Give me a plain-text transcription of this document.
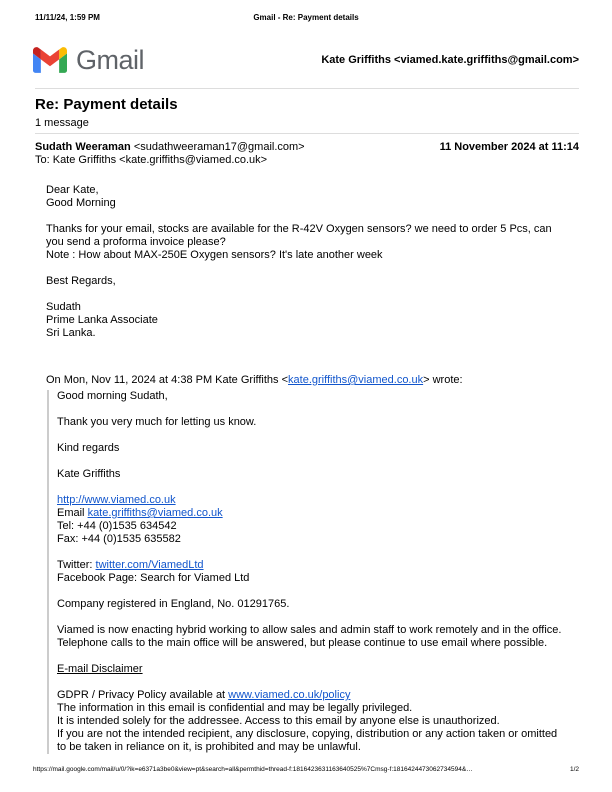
11/11/24, 1:59 PM	Gmail - Re: Payment details
Gmail	Kate Griffiths <viamed.kate.griffiths@gmail.com>
Re: Payment details
1 message
Sudath Weeraman <sudathweeraman17@gmail.com>	11 November 2024 at 11:14
To: Kate Griffiths <kate.griffiths@viamed.co.uk>
Dear Kate,
Good Morning
Thanks for your email, stocks are available for the R-42V Oxygen sensors? we need to order 5 Pcs, can
you send a proforma invoice please?
Note : How about MAX-250E Oxygen sensors? It's late another week
Best Regards,
Sudath
Prime Lanka Associate
Sri Lanka.
On Mon, Nov 11, 2024 at 4:38 PM Kate Griffiths <kate.griffiths@viamed.co.uk> wrote:
Good morning Sudath,
Thank you very much for letting us know.
Kind regards
Kate Griffiths
http://www.viamed.co.uk
Email kate.griffiths@viamed.co.uk
Tel: +44 (0)1535 634542
Fax: +44 (0)1535 635582
Twitter: twitter.com/ViamedLtd
Facebook Page: Search for Viamed Ltd
Company registered in England, No. 01291765.
Viamed is now enacting hybrid working to allow sales and admin staff to work remotely and in the office.
Telephone calls to the main office will be answered, but please continue to use email where possible.
E-mail Disclaimer
GDPR / Privacy Policy available at www.viamed.co.uk/policy
The information in this email is confidential and may be legally privileged.
It is intended solely for the addressee. Access to this email by anyone else is unauthorized.
If you are not the intended recipient, any disclosure, copying, distribution or any action taken or omitted
to be taken in reliance on it, is prohibited and may be unlawful.
https://mail.google.com/mail/u/0/?ik=e6371a3be0&view=pt&search=all&permthid=thread-f:1816423631163640525%7Cmsg-f:1816424473062734594&…	1/2
